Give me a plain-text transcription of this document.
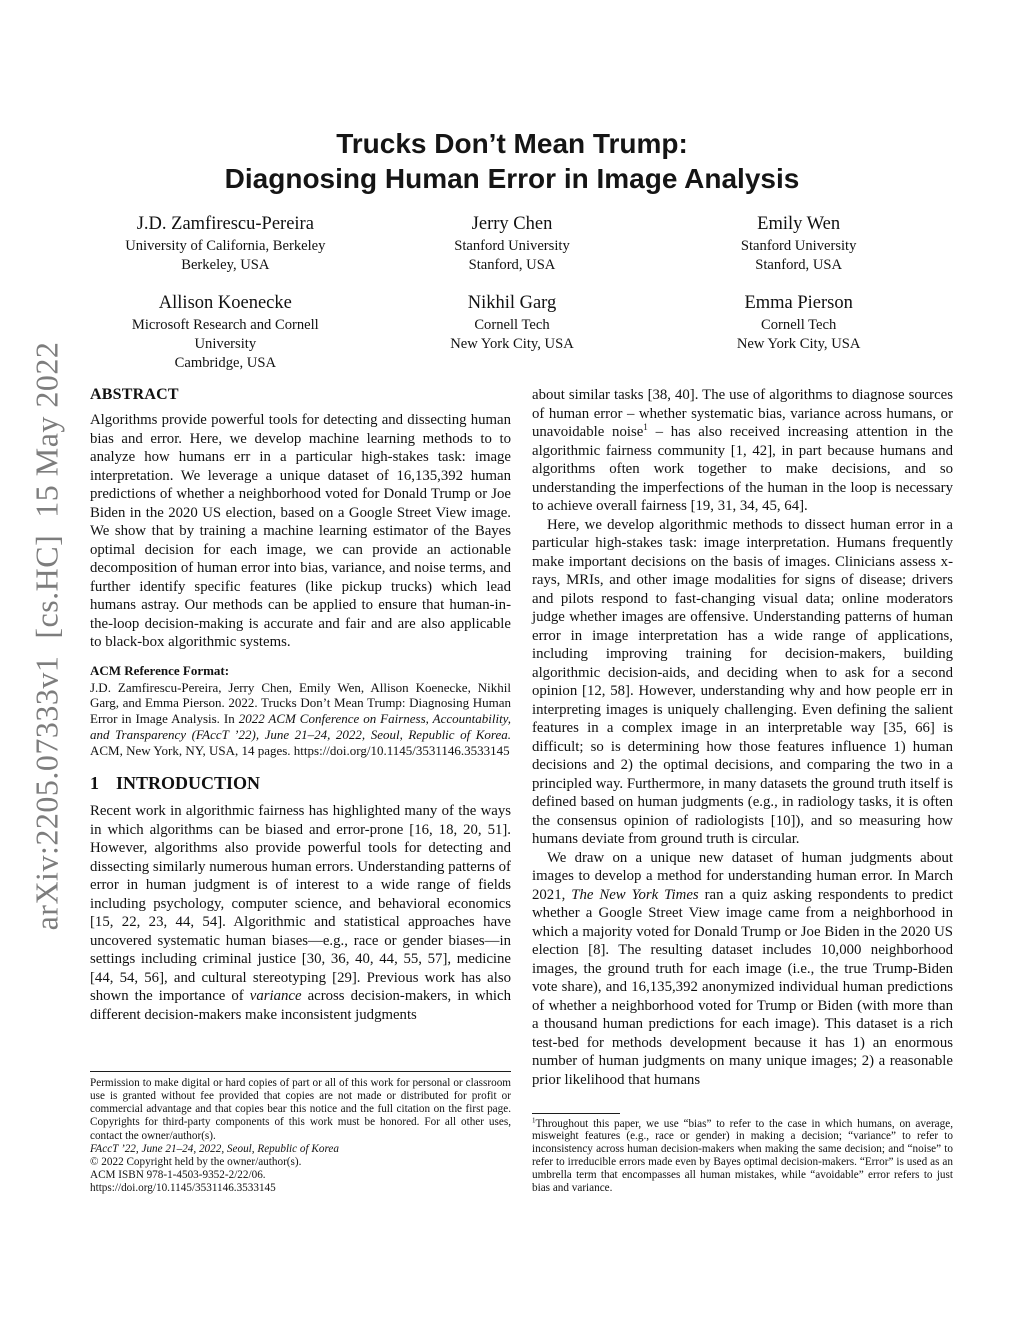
arXiv:2205.07333v1  [cs.HC]  15 May 2022
Trucks Don’t Mean Trump:
Diagnosing Human Error in Image Analysis
J.D. Zamfirescu-Pereira
University of California, Berkeley
Berkeley, USA
Jerry Chen
Stanford University
Stanford, USA
Emily Wen
Stanford University
Stanford, USA
Allison Koenecke
Microsoft Research and Cornell University
Cambridge, USA
Nikhil Garg
Cornell Tech
New York City, USA
Emma Pierson
Cornell Tech
New York City, USA
ABSTRACT

Algorithms provide powerful tools for detecting and dissecting human bias and error. Here, we develop machine learning methods to to analyze how humans err in a particular high-stakes task: image interpretation. We leverage a unique dataset of 16,135,392 human predictions of whether a neighborhood voted for Donald Trump or Joe Biden in the 2020 US election, based on a Google Street View image. We show that by training a machine learning estimator of the Bayes optimal decision for each image, we can provide an actionable decomposition of human error into bias, variance, and noise terms, and further identify specific features (like pickup trucks) which lead humans astray. Our methods can be applied to ensure that human-in-the-loop decision-making is accurate and fair and are also applicable to black-box algorithmic systems.

ACM Reference Format:

J.D. Zamfirescu-Pereira, Jerry Chen, Emily Wen, Allison Koenecke, Nikhil Garg, and Emma Pierson. 2022. Trucks Don’t Mean Trump: Diagnosing Human Error in Image Analysis. In 2022 ACM Conference on Fairness, Accountability, and Transparency (FAccT ’22), June 21–24, 2022, Seoul, Republic of Korea. ACM, New York, NY, USA, 14 pages. https://doi.org/10.1145/3531146.3533145

1 INTRODUCTION

Recent work in algorithmic fairness has highlighted many of the ways in which algorithms can be biased and error-prone [16, 18, 20, 51]. However, algorithms also provide powerful tools for detecting and dissecting similarly numerous human errors. Understanding patterns of error in human judgment is of interest to a wide range of fields including psychology, computer science, and behavioral economics [15, 22, 23, 44, 54]. Algorithmic and statistical approaches have uncovered systematic human biases—e.g., race or gender biases—in settings including criminal justice [30, 36, 40, 44, 55, 57], medicine [44, 54, 56], and cultural stereotyping [29]. Previous work has also shown the importance of variance across decision-makers, in which different decision-makers make inconsistent judgments

Permission to make digital or hard copies of part or all of this work for personal or classroom use is granted without fee provided that copies are not made or distributed for profit or commercial advantage and that copies bear this notice and the full citation on the first page. Copyrights for third-party components of this work must be honored. For all other uses, contact the owner/author(s).

FAccT ’22, June 21–24, 2022, Seoul, Republic of Korea

© 2022 Copyright held by the owner/author(s).

ACM ISBN 978-1-4503-9352-2/22/06.

https://doi.org/10.1145/3531146.3533145

about similar tasks [38, 40]. The use of algorithms to diagnose sources of human error – whether systematic bias, variance across humans, or unavoidable noise$^1$ – has also received increasing attention in the algorithmic fairness community [1, 42], in part because humans and algorithms often work together to make decisions, and so understanding the imperfections of the human in the loop is necessary to achieve overall fairness [19, 31, 34, 45, 64].

Here, we develop algorithmic methods to dissect human error in a particular high-stakes task: image interpretation. Humans frequently make important decisions on the basis of images. Clinicians assess x-rays, MRIs, and other image modalities for signs of disease; drivers and pilots respond to fast-changing visual data; online moderators judge whether images are offensive. Understanding patterns of human error in image interpretation has a wide range of applications, including improving training for decision-makers, building algorithmic decision-aids, and deciding when to ask for a second opinion [12, 58]. However, understanding why and how people err in interpreting images is uniquely challenging. Even defining the salient features in a complex image in an interpretable way [35, 66] is difficult; so is determining how those features influence 1) human decisions and 2) the optimal decisions, and comparing the two in a principled way. Furthermore, in many datasets the ground truth itself is defined based on human judgments (e.g., in radiology tasks, it is often the consensus opinion of radiologists [10]), and so measuring how humans deviate from ground truth is circular.

We draw on a unique new dataset of human judgments about images to develop a method for understanding human error. In March 2021, The New York Times ran a quiz asking respondents to predict whether a Google Street View image came from a neighborhood in which a majority voted for Donald Trump or Joe Biden in the 2020 US election [8]. The resulting dataset includes 10,000 neighborhood images, the ground truth for each image (i.e., the true Trump-Biden vote share), and 16,135,392 anonymized individual human predictions of whether a neighborhood voted for Trump or Biden (with more than a thousand human predictions for each image). This dataset is a rich test-bed for methods development because it has 1) an enormous number of human judgments on many unique images; 2) a reasonable prior likelihood that humans

$^1$Throughout this paper, we use “bias” to refer to the case in which humans, on average, misweight features (e.g., race or gender) in making a decision; “variance” to refer to inconsistency across human decision-makers when making the same decision; and “noise” to refer to irreducible errors made even by Bayes optimal decision-makers. “Error” is used as an umbrella term that encompasses all human mistakes, while “avoidable” error refers to just bias and variance.
